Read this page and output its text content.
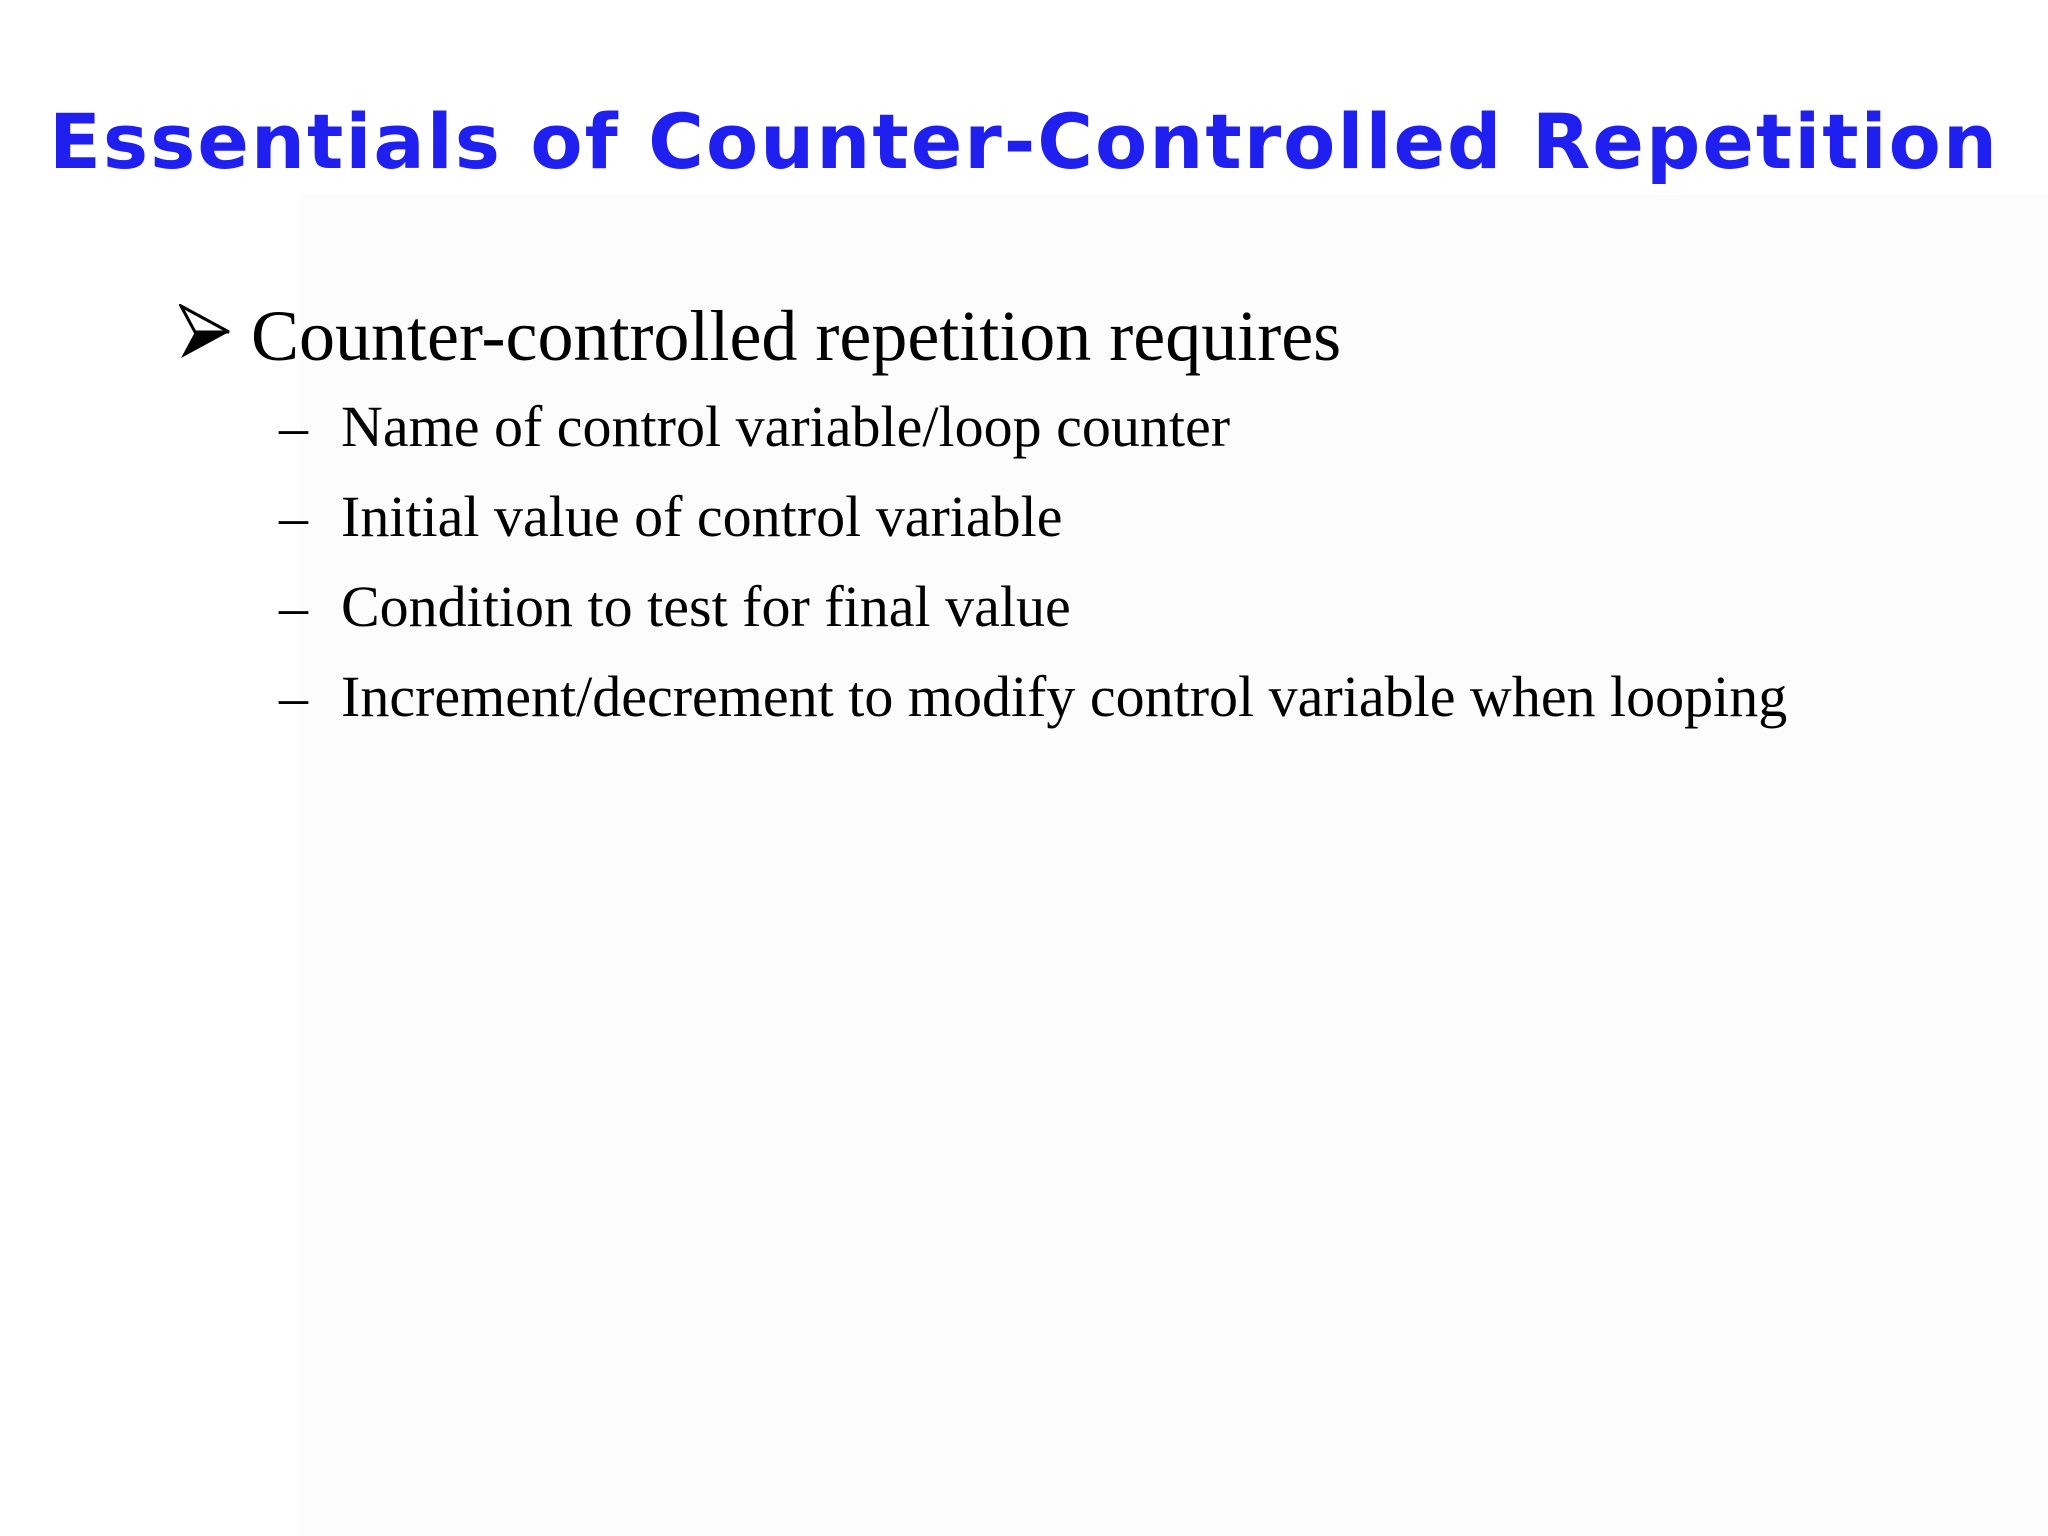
Essentials of Counter-Controlled Repetition

Counter-controlled repetition requires

– Name of control variable/loop counter
– Initial value of control variable
– Condition to test for final value
– Increment/decrement to modify control variable when looping
